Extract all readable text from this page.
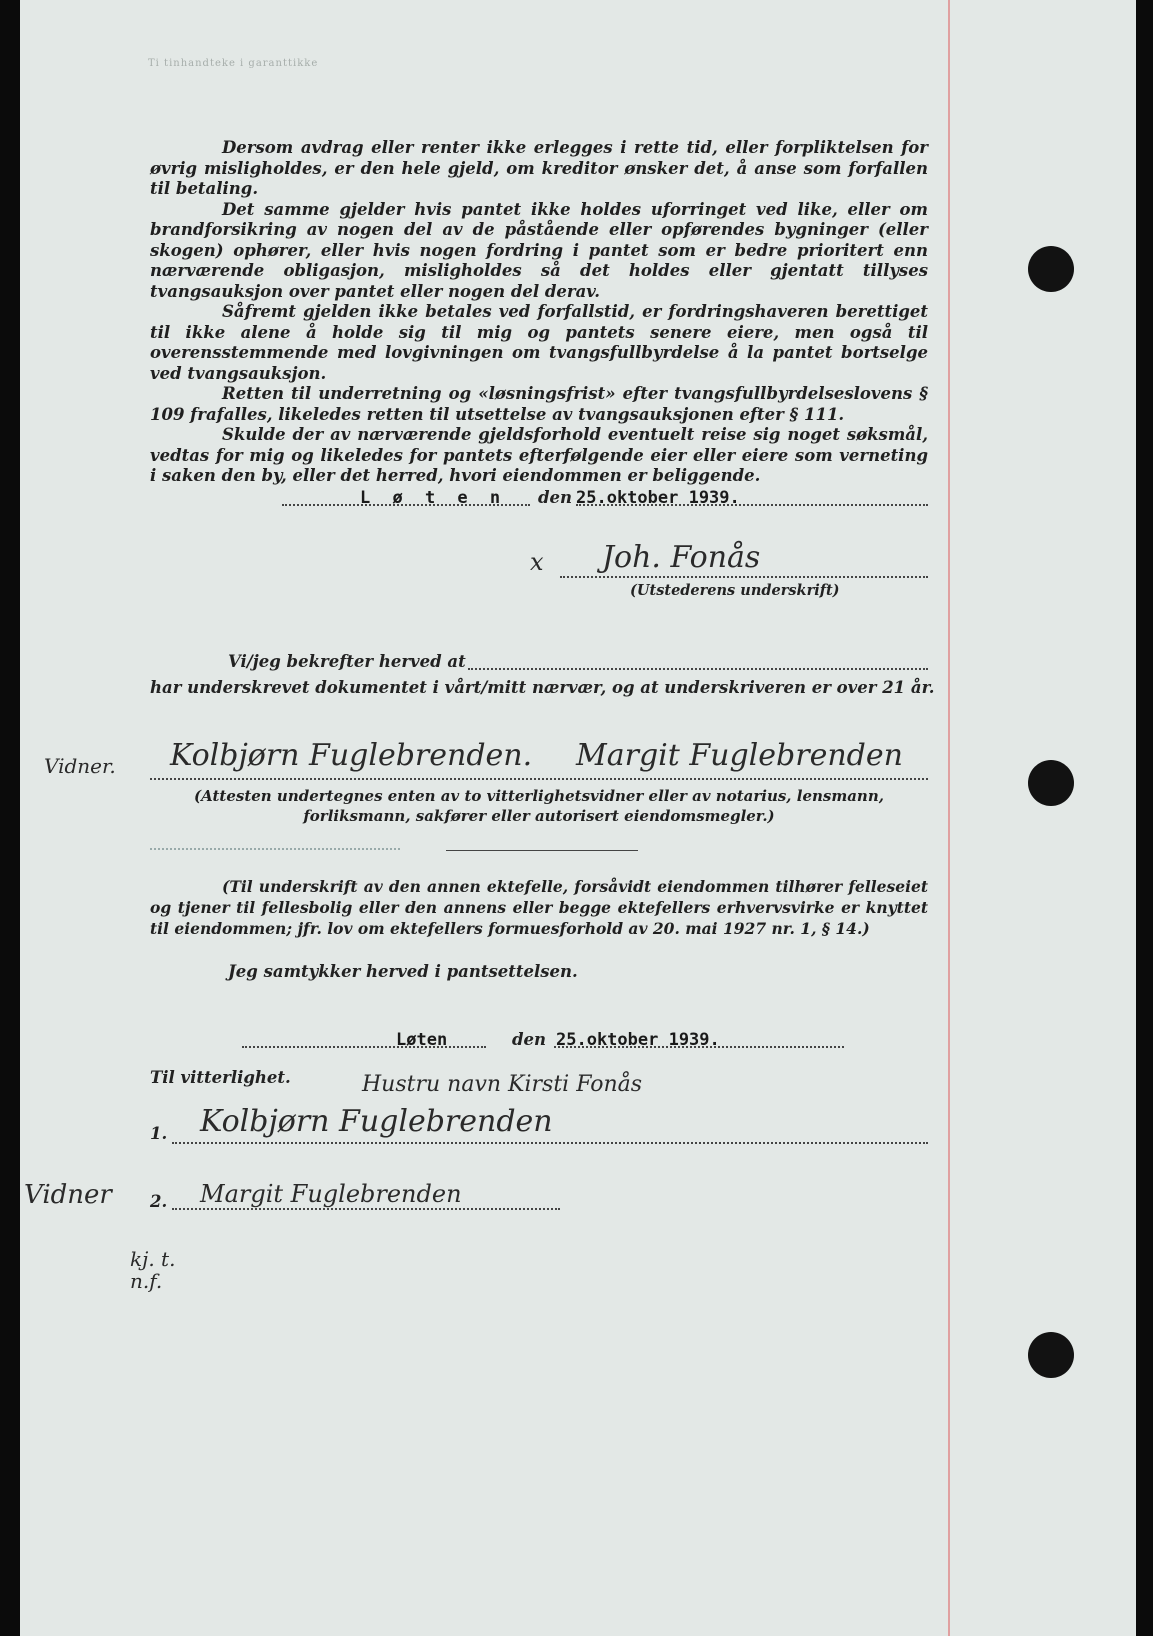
Ti tinhandteke i garanttikke

Dersom avdrag eller renter ikke erlegges i rette tid, eller forpliktelsen for øvrig misligholdes, er den hele gjeld, om kreditor ønsker det, å anse som forfallen til betaling.

Det samme gjelder hvis pantet ikke holdes uforringet ved like, eller om brandforsikring av nogen del av de påstående eller opførendes bygninger (eller skogen) ophører, eller hvis nogen fordring i pantet som er bedre prioritert enn nærværende obligasjon, misligholdes så det holdes eller gjentatt tillyses tvangsauksjon over pantet eller nogen del derav.

Såfremt gjelden ikke betales ved forfallstid, er fordringshaveren berettiget til ikke alene å holde sig til mig og pantets senere eiere, men også til overensstemmende med lovgivningen om tvangsfullbyrdelse å la pantet bortselge ved tvangsauksjon.

Retten til underretning og «løsningsfrist» efter tvangsfullbyrdelseslovens § 109 frafalles, likeledes retten til utsettelse av tvangsauksjonen efter § 111.

Skulde der av nærværende gjeldsforhold eventuelt reise sig noget søksmål, vedtas for mig og likeledes for pantets efterfølgende eier eller eiere som verneting i saken den by, eller det herred, hvori eiendommen er beliggende.

L ø t e n den 25.oktober 1939.
x Joh. Fonås
(Utstederens underskrift)
Vi/jeg bekrefter herved at
har underskrevet dokumentet i vårt/mitt nærvær, og at underskriveren er over 21 år.
Vidner. Kolbjørn Fuglebrenden. Margit Fuglebrenden

(Attesten undertegnes enten av to vitterlighetsvidner eller av notarius, lensmann, forliksmann, sakfører eller autorisert eiendomsmegler.)

(Til underskrift av den annen ektefelle, forsåvidt eiendommen tilhører felleseiet og tjener til fellesbolig eller den annens eller begge ektefellers erhvervsvirke er knyttet til eiendommen; jfr. lov om ektefellers formuesforhold av 20. mai 1927 nr. 1, § 14.)

Jeg samtykker herved i pantsettelsen.
Løten	den 25.oktober 1939.
Til vitterlighet.	Hustru navn Kirsti Fonås
1. Kolbjørn Fuglebrenden
Vidner 2. Margit Fuglebrenden
kj. t. n.f.
